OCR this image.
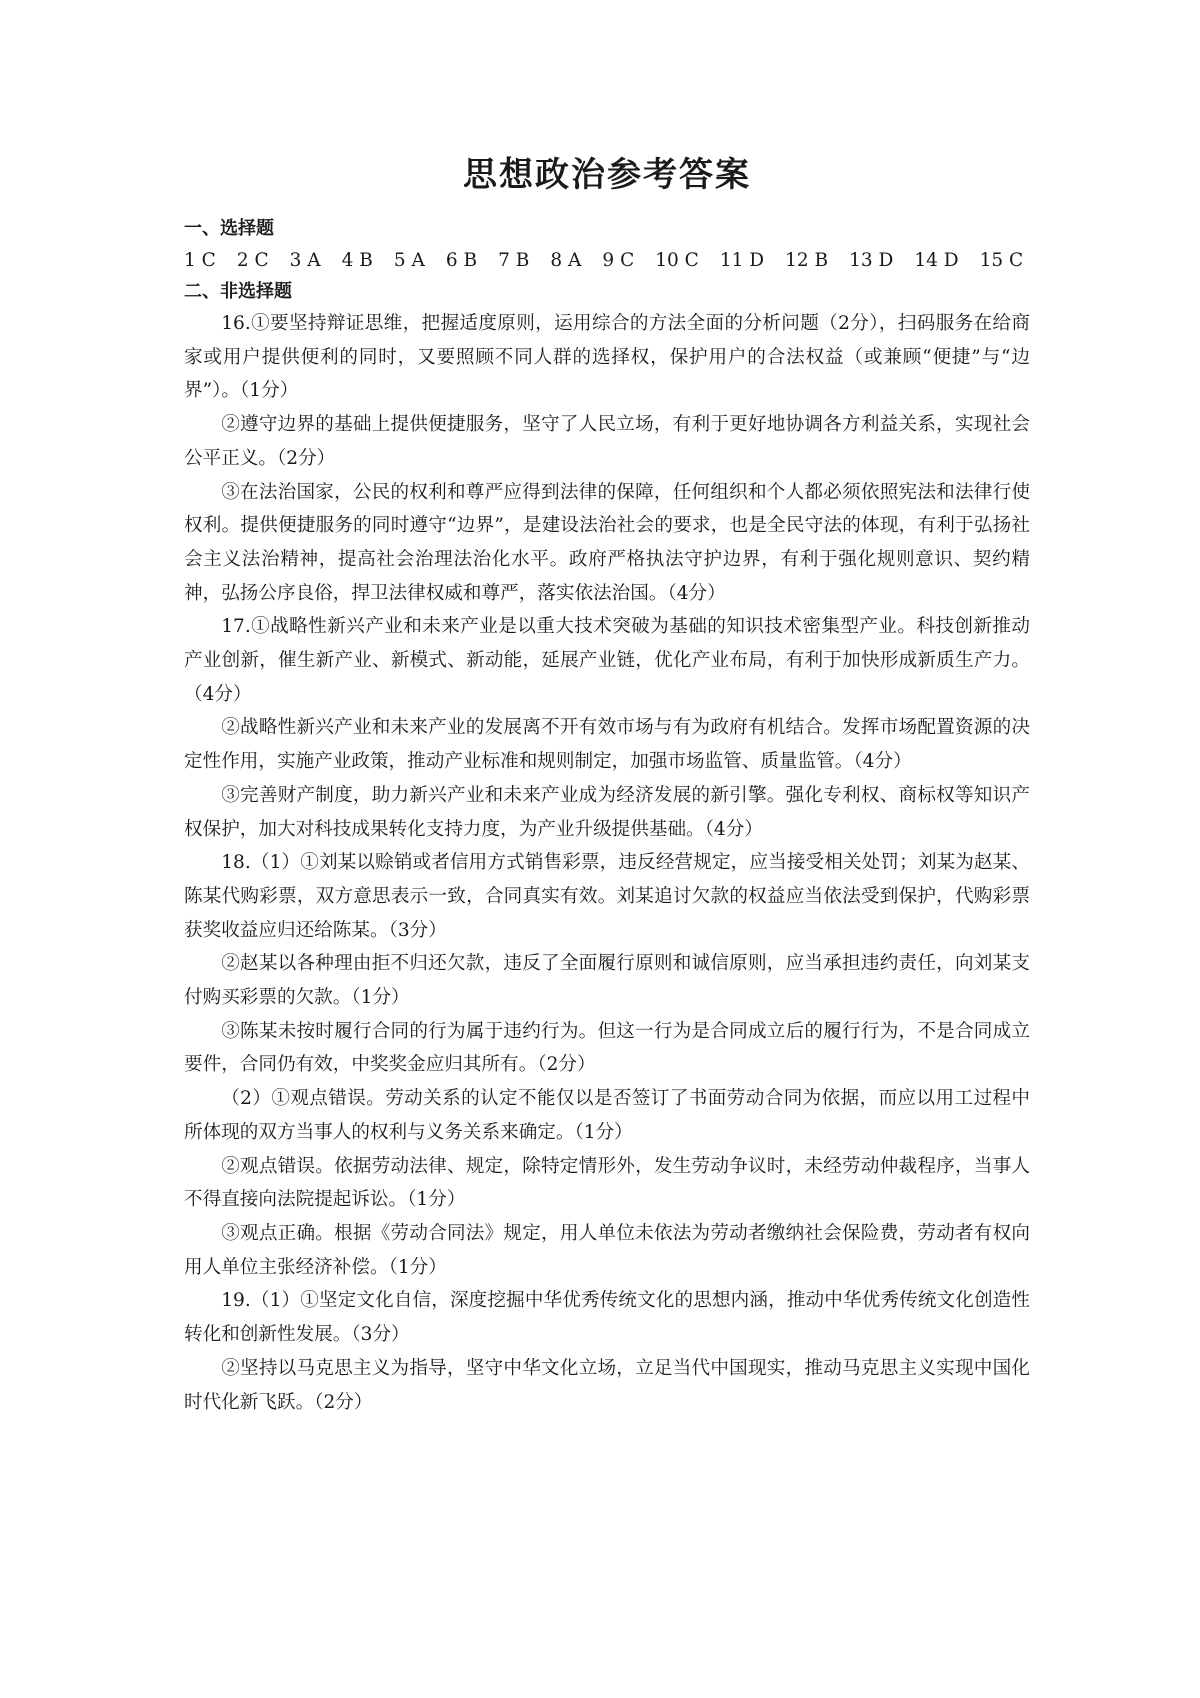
思想政治参考答案

一、选择题

1 C 2 C 3 A 4 B 5 A 6 B 7 B 8 A 9 C 10 C 11 D 12 B 13 D 14 D 15 C

二、非选择题

16.①要坚持辩证思维，把握适度原则，运用综合的方法全面的分析问题（2分），扫码服务在给商家或用户提供便利的同时，又要照顾不同人群的选择权，保护用户的合法权益（或兼顾“便捷”与“边界”）。（1分）

②遵守边界的基础上提供便捷服务，坚守了人民立场，有利于更好地协调各方利益关系，实现社会公平正义。（2分）

③在法治国家，公民的权利和尊严应得到法律的保障，任何组织和个人都必须依照宪法和法律行使权利。提供便捷服务的同时遵守“边界”，是建设法治社会的要求，也是全民守法的体现，有利于弘扬社会主义法治精神，提高社会治理法治化水平。政府严格执法守护边界，有利于强化规则意识、契约精神，弘扬公序良俗，捍卫法律权威和尊严，落实依法治国。（4分）

17.①战略性新兴产业和未来产业是以重大技术突破为基础的知识技术密集型产业。科技创新推动产业创新，催生新产业、新模式、新动能，延展产业链，优化产业布局，有利于加快形成新质生产力。（4分）

②战略性新兴产业和未来产业的发展离不开有效市场与有为政府有机结合。发挥市场配置资源的决定性作用，实施产业政策，推动产业标准和规则制定，加强市场监管、质量监管。（4分）

③完善财产制度，助力新兴产业和未来产业成为经济发展的新引擎。强化专利权、商标权等知识产权保护，加大对科技成果转化支持力度，为产业升级提供基础。（4分）

18.（1）①刘某以赊销或者信用方式销售彩票，违反经营规定，应当接受相关处罚；刘某为赵某、陈某代购彩票，双方意思表示一致，合同真实有效。刘某追讨欠款的权益应当依法受到保护，代购彩票获奖收益应归还给陈某。（3分）

②赵某以各种理由拒不归还欠款，违反了全面履行原则和诚信原则，应当承担违约责任，向刘某支付购买彩票的欠款。（1分）

③陈某未按时履行合同的行为属于违约行为。但这一行为是合同成立后的履行行为，不是合同成立要件，合同仍有效，中奖奖金应归其所有。（2分）

（2）①观点错误。劳动关系的认定不能仅以是否签订了书面劳动合同为依据，而应以用工过程中所体现的双方当事人的权利与义务关系来确定。（1分）

②观点错误。依据劳动法律、规定，除特定情形外，发生劳动争议时，未经劳动仲裁程序，当事人不得直接向法院提起诉讼。（1分）

③观点正确。根据《劳动合同法》规定，用人单位未依法为劳动者缴纳社会保险费，劳动者有权向用人单位主张经济补偿。（1分）

19.（1）①坚定文化自信，深度挖掘中华优秀传统文化的思想内涵，推动中华优秀传统文化创造性转化和创新性发展。（3分）

②坚持以马克思主义为指导，坚守中华文化立场，立足当代中国现实，推动马克思主义实现中国化时代化新飞跃。（2分）
